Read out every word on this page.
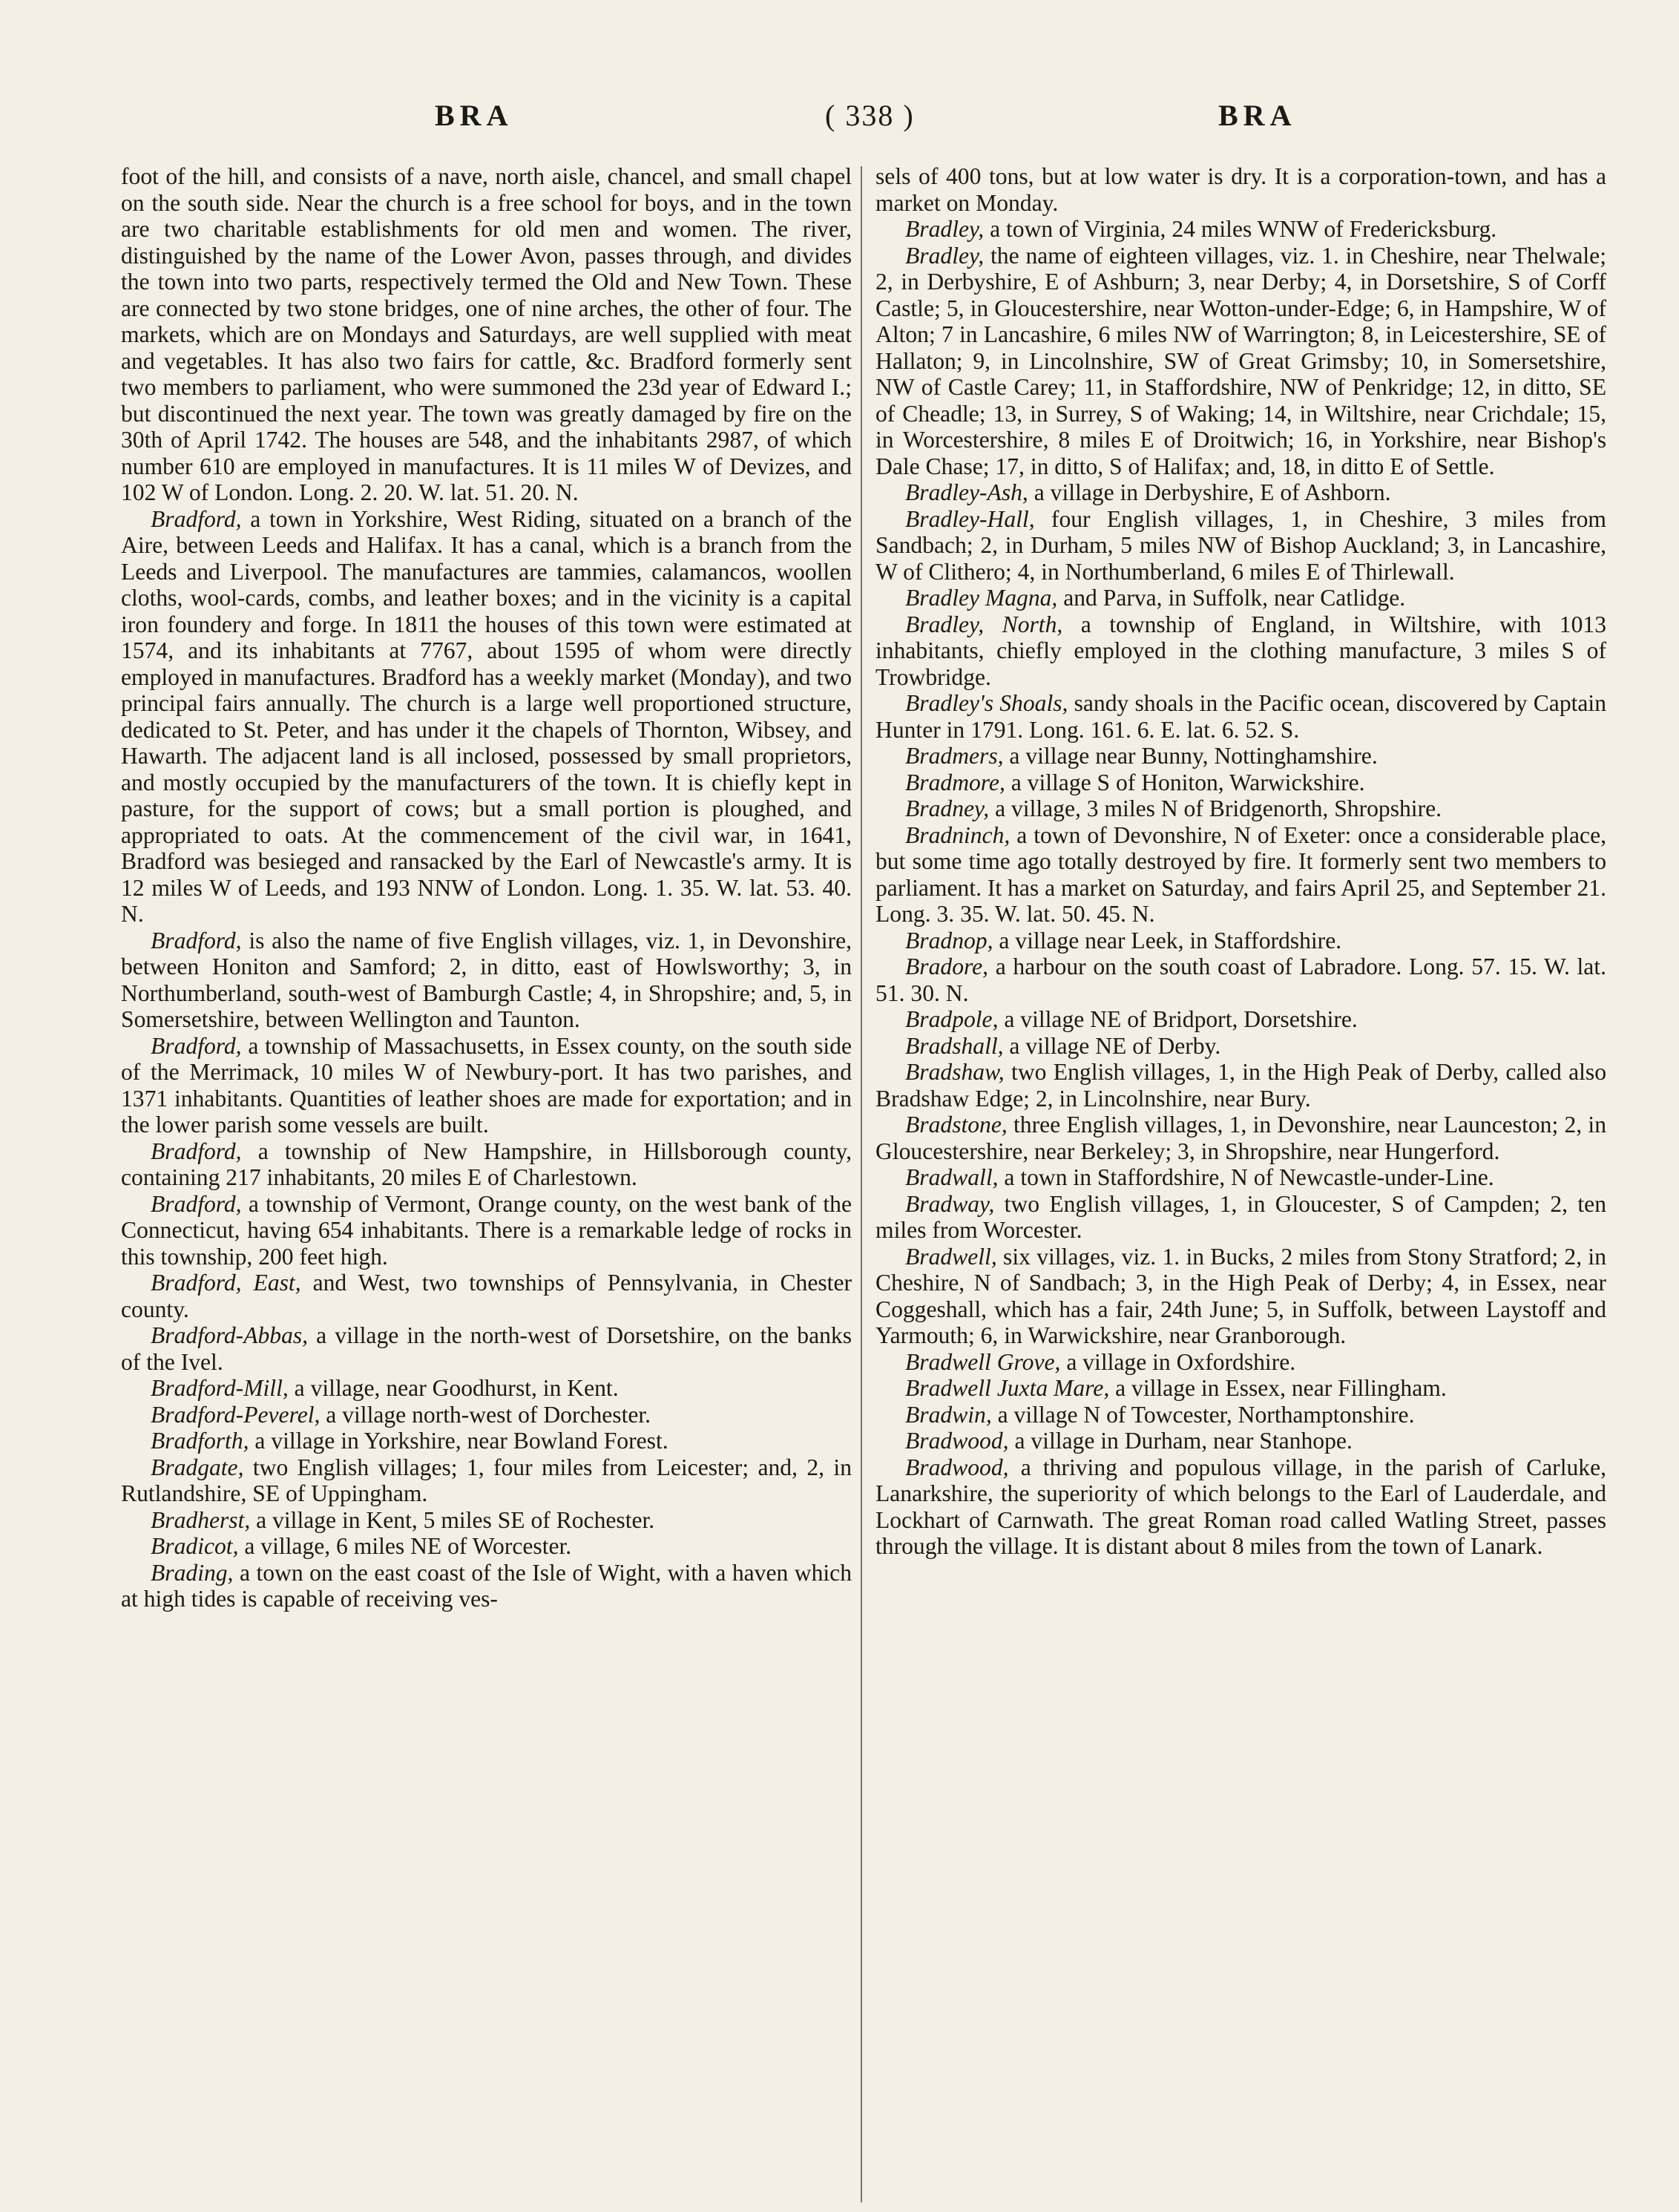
BRA	( 338 )	BRA

foot of the hill, and consists of a nave, north aisle, chancel, and small chapel on the south side. Near the church is a free school for boys, and in the town are two charitable establishments for old men and women. The river, distinguished by the name of the Lower Avon, passes through, and divides the town into two parts, respectively termed the Old and New Town. These are connected by two stone bridges, one of nine arches, the other of four. The markets, which are on Mondays and Saturdays, are well supplied with meat and vegetables. It has also two fairs for cattle, &c. Bradford formerly sent two members to parliament, who were summoned the 23d year of Edward I.; but discontinued the next year. The town was greatly damaged by fire on the 30th of April 1742. The houses are 548, and the inhabitants 2987, of which number 610 are employed in manufactures. It is 11 miles W of Devizes, and 102 W of London. Long. 2. 20. W. lat. 51. 20. N.

Bradford, a town in Yorkshire, West Riding, situated on a branch of the Aire, between Leeds and Halifax. It has a canal, which is a branch from the Leeds and Liverpool. The manufactures are tammies, calamancos, woollen cloths, wool-cards, combs, and leather boxes; and in the vicinity is a capital iron foundery and forge. In 1811 the houses of this town were estimated at 1574, and its inhabitants at 7767, about 1595 of whom were directly employed in manufactures. Bradford has a weekly market (Monday), and two principal fairs annually. The church is a large well proportioned structure, dedicated to St. Peter, and has under it the chapels of Thornton, Wibsey, and Hawarth. The adjacent land is all inclosed, possessed by small proprietors, and mostly occupied by the manufacturers of the town. It is chiefly kept in pasture, for the support of cows; but a small portion is ploughed, and appropriated to oats. At the commencement of the civil war, in 1641, Bradford was besieged and ransacked by the Earl of Newcastle's army. It is 12 miles W of Leeds, and 193 NNW of London. Long. 1. 35. W. lat. 53. 40. N.

Bradford, is also the name of five English villages, viz. 1, in Devonshire, between Honiton and Samford; 2, in ditto, east of Howlsworthy; 3, in Northumberland, south-west of Bamburgh Castle; 4, in Shropshire; and, 5, in Somersetshire, between Wellington and Taunton.

Bradford, a township of Massachusetts, in Essex county, on the south side of the Merrimack, 10 miles W of Newbury-port. It has two parishes, and 1371 inhabitants. Quantities of leather shoes are made for exportation; and in the lower parish some vessels are built.

Bradford, a township of New Hampshire, in Hillsborough county, containing 217 inhabitants, 20 miles E of Charlestown.

Bradford, a township of Vermont, Orange county, on the west bank of the Connecticut, having 654 inhabitants. There is a remarkable ledge of rocks in this township, 200 feet high.

Bradford, East, and West, two townships of Pennsylvania, in Chester county.

Bradford-Abbas, a village in the north-west of Dorsetshire, on the banks of the Ivel.

Bradford-Mill, a village, near Goodhurst, in Kent.

Bradford-Peverel, a village north-west of Dorchester.

Bradforth, a village in Yorkshire, near Bowland Forest.

Bradgate, two English villages; 1, four miles from Leicester; and, 2, in Rutlandshire, SE of Uppingham.

Bradherst, a village in Kent, 5 miles SE of Rochester.

Bradicot, a village, 6 miles NE of Worcester.

Brading, a town on the east coast of the Isle of Wight, with a haven which at high tides is capable of receiving ves-

sels of 400 tons, but at low water is dry. It is a corporation-town, and has a market on Monday.

Bradley, a town of Virginia, 24 miles WNW of Fredericksburg.

Bradley, the name of eighteen villages, viz. 1. in Cheshire, near Thelwale; 2, in Derbyshire, E of Ashburn; 3, near Derby; 4, in Dorsetshire, S of Corff Castle; 5, in Gloucestershire, near Wotton-under-Edge; 6, in Hampshire, W of Alton; 7 in Lancashire, 6 miles NW of Warrington; 8, in Leicestershire, SE of Hallaton; 9, in Lincolnshire, SW of Great Grimsby; 10, in Somersetshire, NW of Castle Carey; 11, in Staffordshire, NW of Penkridge; 12, in ditto, SE of Cheadle; 13, in Surrey, S of Waking; 14, in Wiltshire, near Crichdale; 15, in Worcestershire, 8 miles E of Droitwich; 16, in Yorkshire, near Bishop's Dale Chase; 17, in ditto, S of Halifax; and, 18, in ditto E of Settle.

Bradley-Ash, a village in Derbyshire, E of Ashborn.

Bradley-Hall, four English villages, 1, in Cheshire, 3 miles from Sandbach; 2, in Durham, 5 miles NW of Bishop Auckland; 3, in Lancashire, W of Clithero; 4, in Northumberland, 6 miles E of Thirlewall.

Bradley Magna, and Parva, in Suffolk, near Catlidge.

Bradley, North, a township of England, in Wiltshire, with 1013 inhabitants, chiefly employed in the clothing manufacture, 3 miles S of Trowbridge.

Bradley's Shoals, sandy shoals in the Pacific ocean, discovered by Captain Hunter in 1791. Long. 161. 6. E. lat. 6. 52. S.

Bradmers, a village near Bunny, Nottinghamshire.

Bradmore, a village S of Honiton, Warwickshire.

Bradney, a village, 3 miles N of Bridgenorth, Shropshire.

Bradninch, a town of Devonshire, N of Exeter: once a considerable place, but some time ago totally destroyed by fire. It formerly sent two members to parliament. It has a market on Saturday, and fairs April 25, and September 21. Long. 3. 35. W. lat. 50. 45. N.

Bradnop, a village near Leek, in Staffordshire.

Bradore, a harbour on the south coast of Labradore. Long. 57. 15. W. lat. 51. 30. N.

Bradpole, a village NE of Bridport, Dorsetshire.

Bradshall, a village NE of Derby.

Bradshaw, two English villages, 1, in the High Peak of Derby, called also Bradshaw Edge; 2, in Lincolnshire, near Bury.

Bradstone, three English villages, 1, in Devonshire, near Launceston; 2, in Gloucestershire, near Berkeley; 3, in Shropshire, near Hungerford.

Bradwall, a town in Staffordshire, N of Newcastle-under-Line.

Bradway, two English villages, 1, in Gloucester, S of Campden; 2, ten miles from Worcester.

Bradwell, six villages, viz. 1. in Bucks, 2 miles from Stony Stratford; 2, in Cheshire, N of Sandbach; 3, in the High Peak of Derby; 4, in Essex, near Coggeshall, which has a fair, 24th June; 5, in Suffolk, between Laystoff and Yarmouth; 6, in Warwickshire, near Granborough.

Bradwell Grove, a village in Oxfordshire.

Bradwell Juxta Mare, a village in Essex, near Fillingham.

Bradwin, a village N of Towcester, Northamptonshire.

Bradwood, a village in Durham, near Stanhope.

Bradwood, a thriving and populous village, in the parish of Carluke, Lanarkshire, the superiority of which belongs to the Earl of Lauderdale, and Lockhart of Carnwath. The great Roman road called Watling Street, passes through the village. It is distant about 8 miles from the town of Lanark.
